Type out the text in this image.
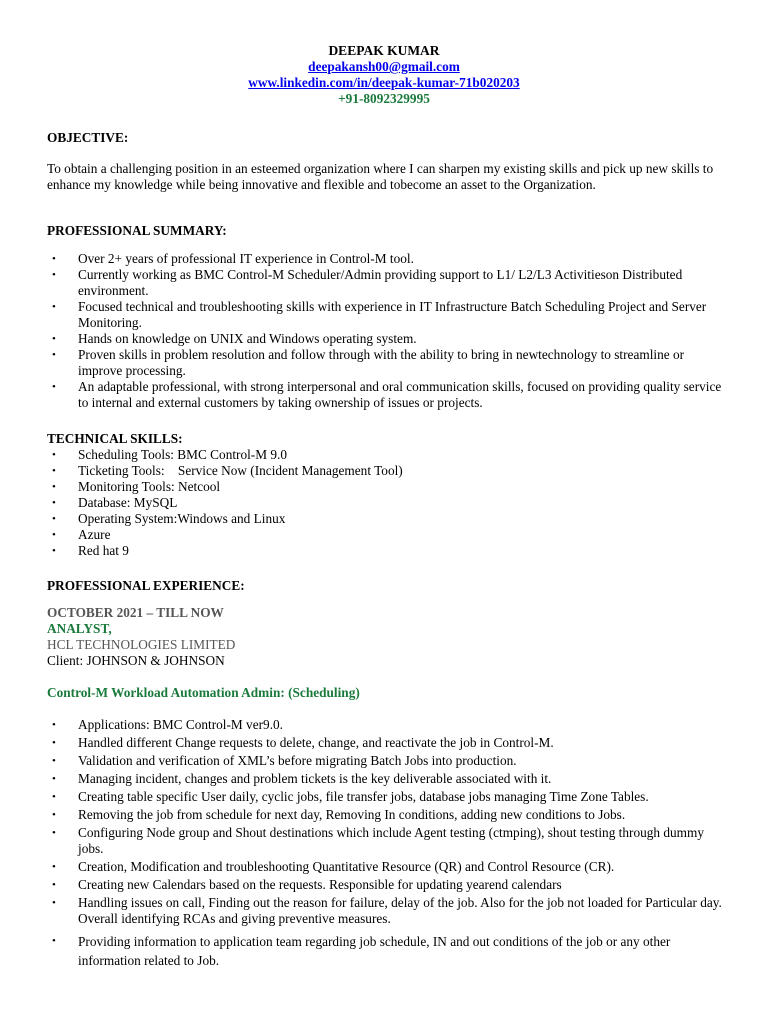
DEEPAK KUMAR
deepakansh00@gmail.com
www.linkedin.com/in/deepak-kumar-71b020203
+91-8092329995
OBJECTIVE:

To obtain a challenging position in an esteemed organization where I can sharpen my existing skills and pick up new skills to enhance my knowledge while being innovative and flexible and tobecome an asset to the Organization.

PROFESSIONAL SUMMARY:
• Over 2+ years of professional IT experience in Control-M tool.
• Currently working as BMC Control-M Scheduler/Admin providing support to L1/ L2/L3 Activitieson Distributed environment.
• Focused technical and troubleshooting skills with experience in IT Infrastructure Batch Scheduling Project and Server Monitoring.
• Hands on knowledge on UNIX and Windows operating system.
• Proven skills in problem resolution and follow through with the ability to bring in newtechnology to streamline or improve processing.
• An adaptable professional, with strong interpersonal and oral communication skills, focused on providing quality service to internal and external customers by taking ownership of issues or projects.
TECHNICAL SKILLS:
• Scheduling Tools: BMC Control-M 9.0
• Ticketing Tools:    Service Now (Incident Management Tool)
• Monitoring Tools: Netcool
• Database: MySQL
• Operating System:Windows and Linux
• Azure
• Red hat 9
PROFESSIONAL EXPERIENCE:
OCTOBER 2021 – TILL NOW
ANALYST,
HCL TECHNOLOGIES LIMITED
Client: JOHNSON & JOHNSON
Control-M Workload Automation Admin: (Scheduling)
• Applications: BMC Control-M ver9.0.
• Handled different Change requests to delete, change, and reactivate the job in Control-M.
• Validation and verification of XML’s before migrating Batch Jobs into production.
• Managing incident, changes and problem tickets is the key deliverable associated with it.
• Creating table specific User daily, cyclic jobs, file transfer jobs, database jobs managing Time Zone Tables.
• Removing the job from schedule for next day, Removing In conditions, adding new conditions to Jobs.
• Configuring Node group and Shout destinations which include Agent testing (ctmping), shout testing through dummy jobs.
• Creation, Modification and troubleshooting Quantitative Resource (QR) and Control Resource (CR).
• Creating new Calendars based on the requests. Responsible for updating yearend calendars
• Handling issues on call, Finding out the reason for failure, delay of the job. Also for the job not loaded for Particular day. Overall identifying RCAs and giving preventive measures.
• Providing information to application team regarding job schedule, IN and out conditions of the job or any other information related to Job.
